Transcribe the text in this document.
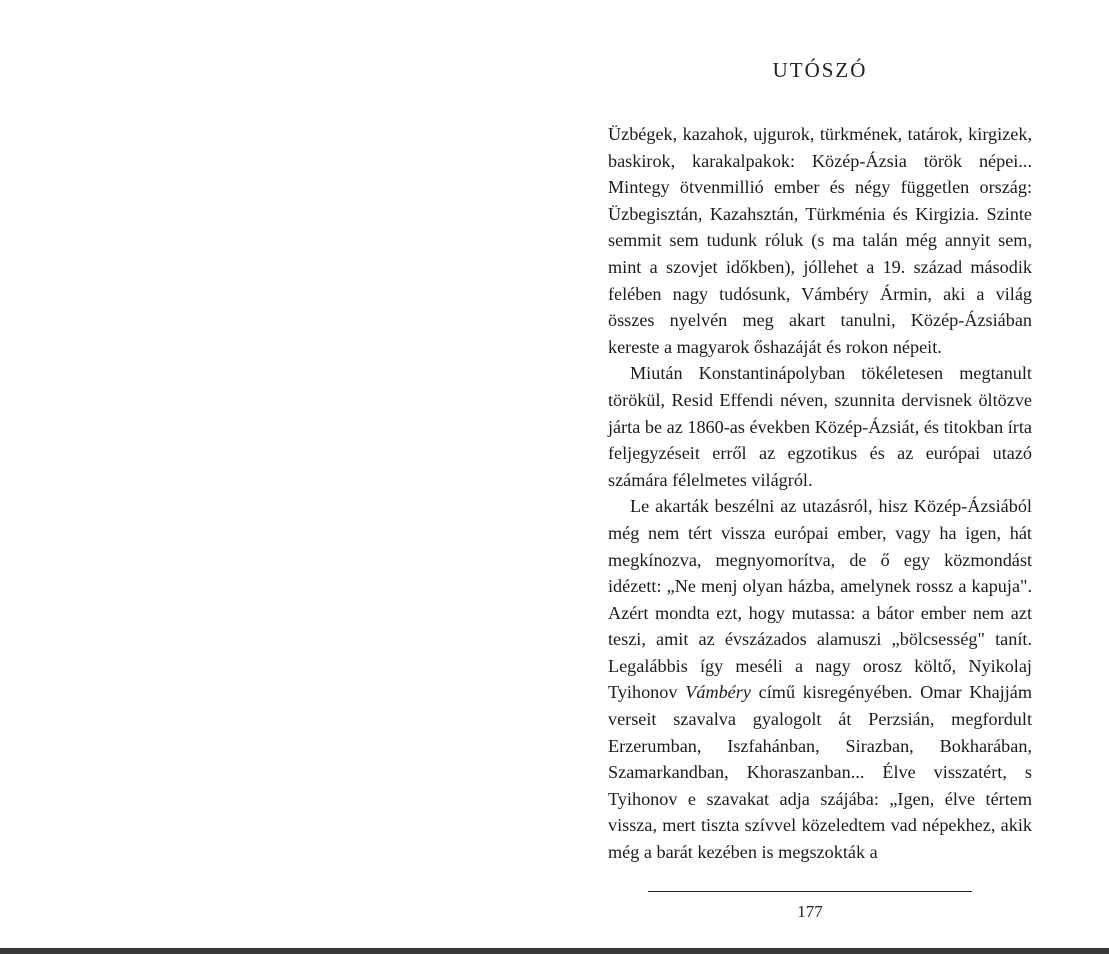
UTÓSZÓ

Üzbégek, kazahok, ujgurok, türkmének, tatárok, kirgizek, baskirok, karakalpakok: Közép-Ázsia török népei... Mintegy ötvenmillió ember és négy független ország: Üzbegisztán, Kazahsztán, Türkménia és Kirgizia. Szinte semmit sem tudunk róluk (s ma talán még annyit sem, mint a szovjet időkben), jóllehet a 19. század második felében nagy tudósunk, Vámbéry Ármin, aki a világ összes nyelvén meg akart tanulni, Közép-Ázsiában kereste a magyarok őshazáját és rokon népeit.

Miután Konstantinápolyban tökéletesen megtanult törökül, Resid Effendi néven, szunnita dervisnek öltözve járta be az 1860-as években Közép-Ázsiát, és titokban írta feljegyzéseit erről az egzotikus és az európai utazó számára félelmetes világról.

Le akarták beszélni az utazásról, hisz Közép-Ázsiából még nem tért vissza európai ember, vagy ha igen, hát megkínozva, megnyomorítva, de ő egy közmondást idézett: „Ne menj olyan házba, amelynek rossz a kapuja". Azért mondta ezt, hogy mutassa: a bátor ember nem azt teszi, amit az évszázados alamuszi „bölcsesség" tanít. Legalábbis így meséli a nagy orosz költő, Nyikolaj Tyihonov Vámbéry című kisregényében. Omar Khajjám verseit szavalva gyalogolt át Perzsián, megfordult Erzerumban, Iszfahánban, Sirazban, Bokharában, Szamarkandban, Khoraszanban... Élve visszatért, s Tyihonov e szavakat adja szájába: „Igen, élve tértem vissza, mert tiszta szívvel közeledtem vad népekhez, akik még a barát kezében is megszokták a

177
